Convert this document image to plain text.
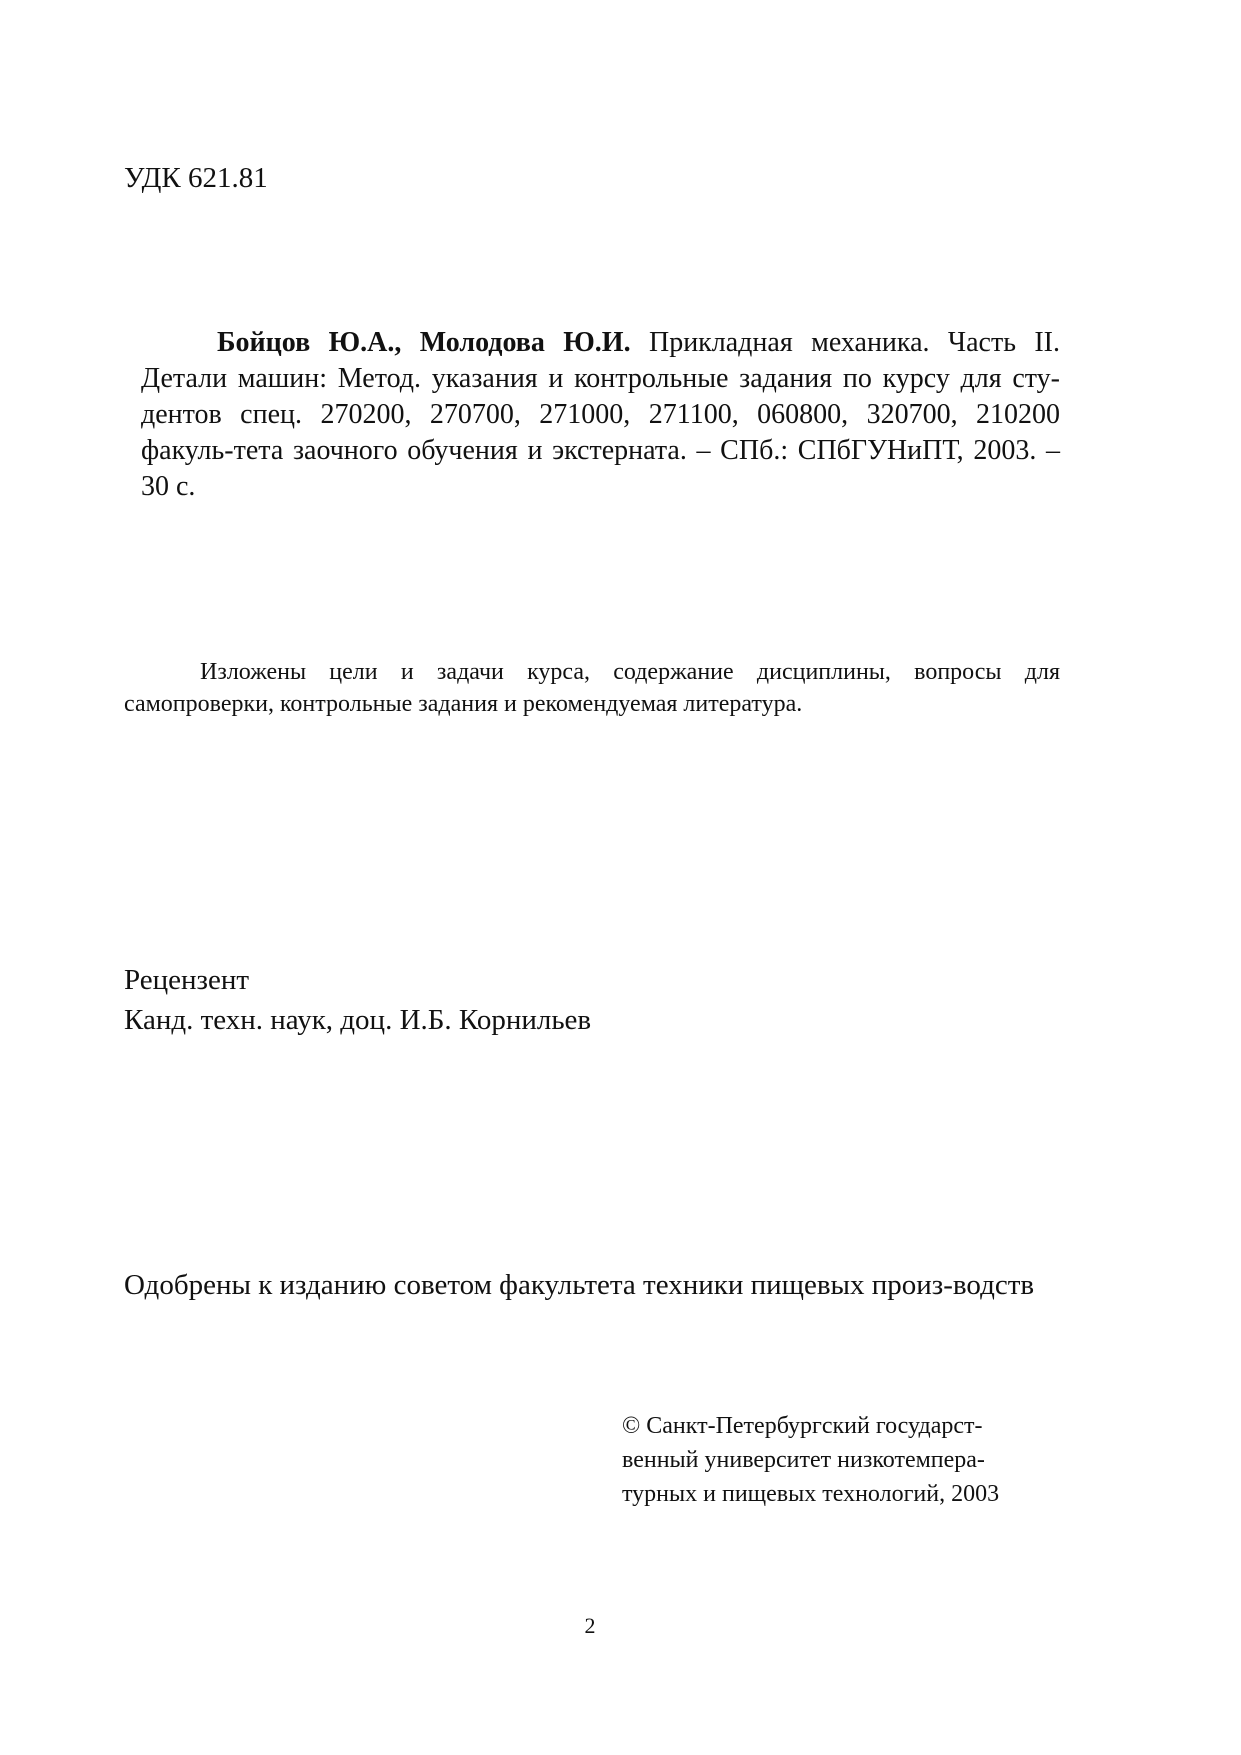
УДК 621.81
Бойцов Ю.А., Молодова Ю.И. Прикладная механика. Часть II. Детали машин: Метод. указания и контрольные задания по курсу для сту-дентов спец. 270200, 270700, 271000, 271100, 060800, 320700, 210200 факуль-тета заочного обучения и экстерната. – СПб.: СПбГУНиПТ, 2003. – 30 с.
Изложены цели и задачи курса, содержание дисциплины, вопросы для самопроверки, контрольные задания и рекомендуемая литература.
Рецензент
Канд. техн. наук, доц. И.Б. Корнильев
Одобрены к изданию советом факультета техники пищевых произ-водств
© Санкт-Петербургский государст-
венный университет низкотемпера-
турных и пищевых технологий, 2003
2
